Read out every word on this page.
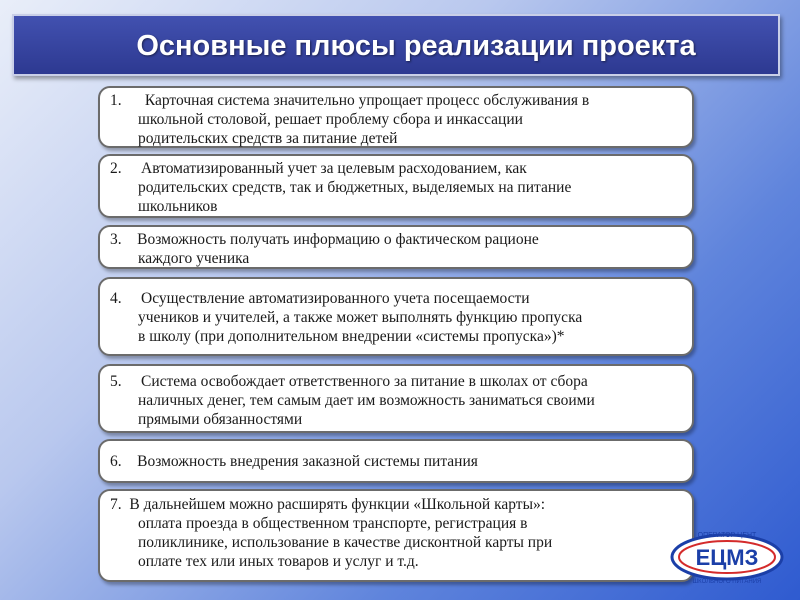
Основные плюсы реализации проекта

1. Карточная система значительно упрощает процесс обслуживания в

школьной столовой, решает проблему сбора и инкассации

родительских средств за питание детей

2. Автоматизированный учет за целевым расходованием, как

родительских средств, так и бюджетных, выделяемых на питание

школьников

3. Возможность получать информацию о фактическом рационе

каждого ученика

4. Осуществление автоматизированного учета посещаемости

учеников и учителей, а также может выполнять функцию пропуска

в школу (при дополнительном внедрении «системы пропуска»)*

5. Система освобождает ответственного за питание в школах от сбора

наличных денег, тем самым дает им возможность заниматься своими

прямыми обязанностями

6. Возможность внедрения заказной системы питания

7. В дальнейшем можно расширять функции «Школьной карты»:

оплата проезда в общественном транспорте, регистрация в

поликлинике, использование в качестве дисконтной карты при

оплате тех или иных товаров и услуг и т.д.

ОПЕРАТОР ЦЕНТ
ЕЦМЗ
ШКОЛЬНОГО ПИТАНИЯ
